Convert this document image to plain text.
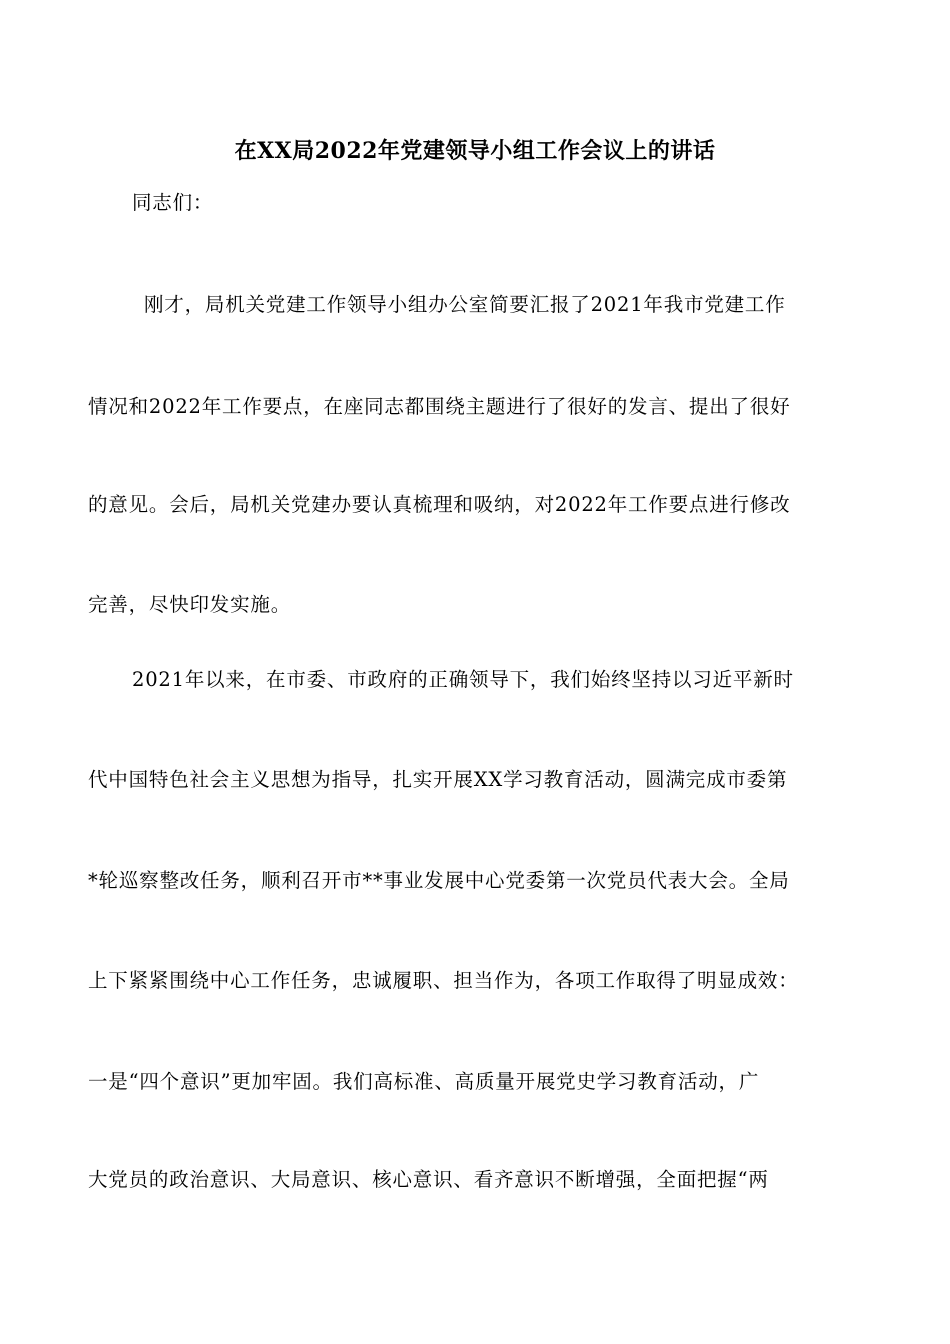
在XX局2022年党建领导小组工作会议上的讲话
同志们：
刚才，局机关党建工作领导小组办公室简要汇报了2021年我市党建工作
情况和2022年工作要点，在座同志都围绕主题进行了很好的发言、提出了很好
的意见。会后，局机关党建办要认真梳理和吸纳，对2022年工作要点进行修改
完善，尽快印发实施。
2021年以来，在市委、市政府的正确领导下，我们始终坚持以习近平新时
代中国特色社会主义思想为指导，扎实开展XX学习教育活动，圆满完成市委第
*轮巡察整改任务，顺利召开市**事业发展中心党委第一次党员代表大会。全局
上下紧紧围绕中心工作任务，忠诚履职、担当作为，各项工作取得了明显成效：
一是“四个意识”更加牢固。我们高标准、高质量开展党史学习教育活动，广
大党员的政治意识、大局意识、核心意识、看齐意识不断增强，全面把握“两
